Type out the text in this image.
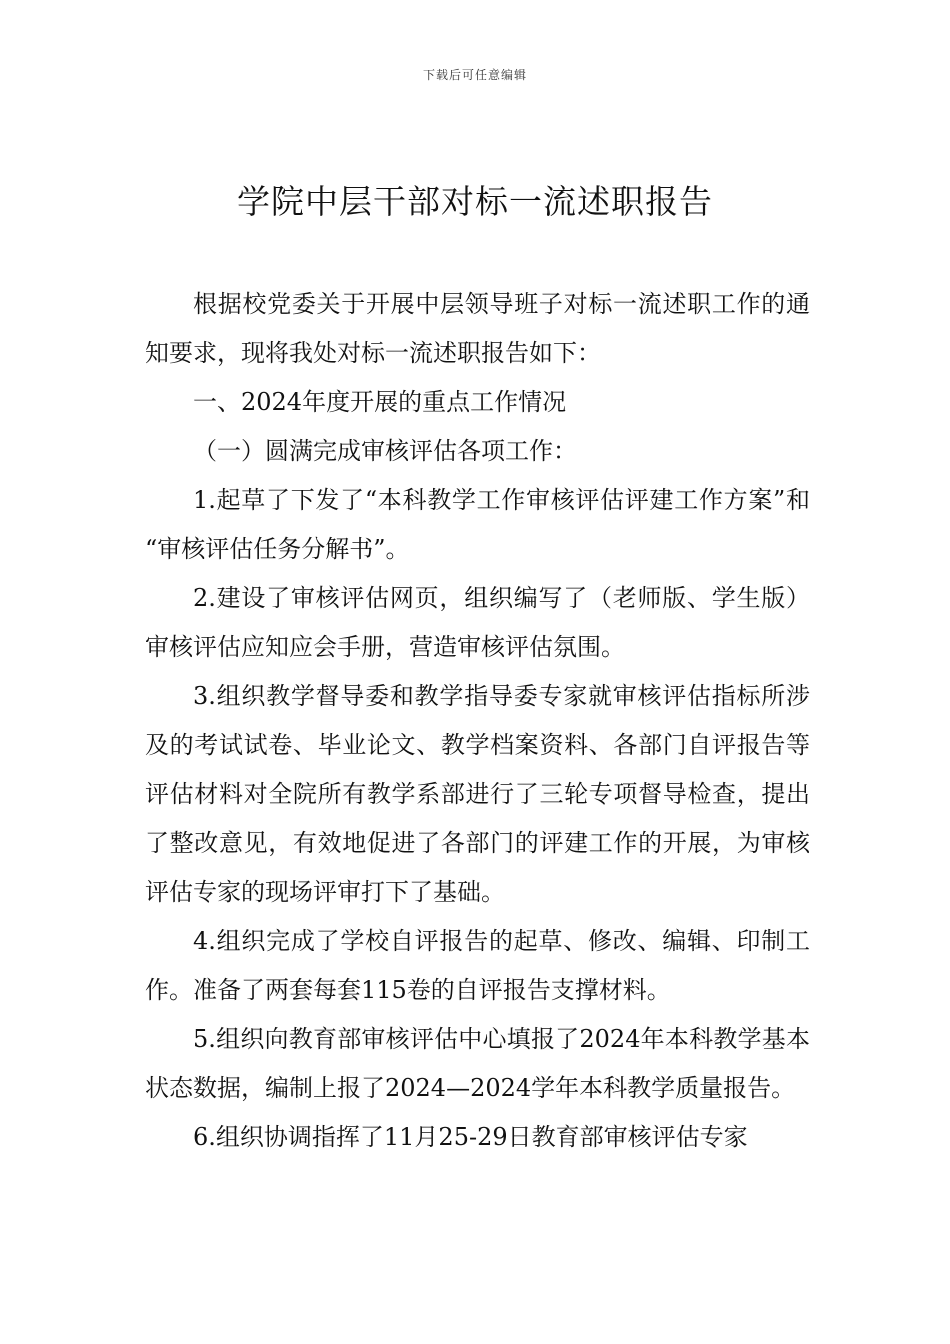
下载后可任意编辑
学院中层干部对标一流述职报告

根据校党委关于开展中层领导班子对标一流述职工作的通知要求，现将我处对标一流述职报告如下：

一、2024年度开展的重点工作情况

（一）圆满完成审核评估各项工作：

1.起草了下发了“本科教学工作审核评估评建工作方案”和 “审核评估任务分解书”。

2.建设了审核评估网页，组织编写了（老师版、学生版）审核评估应知应会手册，营造审核评估氛围。

3.组织教学督导委和教学指导委专家就审核评估指标所涉及的考试试卷、毕业论文、教学档案资料、各部门自评报告等评估材料对全院所有教学系部进行了三轮专项督导检查，提出了整改意见，有效地促进了各部门的评建工作的开展，为审核评估专家的现场评审打下了基础。

4.组织完成了学校自评报告的起草、修改、编辑、印制工作。准备了两套每套115卷的自评报告支撑材料。

5.组织向教育部审核评估中心填报了2024年本科教学基本状态数据，编制上报了2024—2024学年本科教学质量报告。

6.组织协调指挥了11月25-29日教育部审核评估专家
